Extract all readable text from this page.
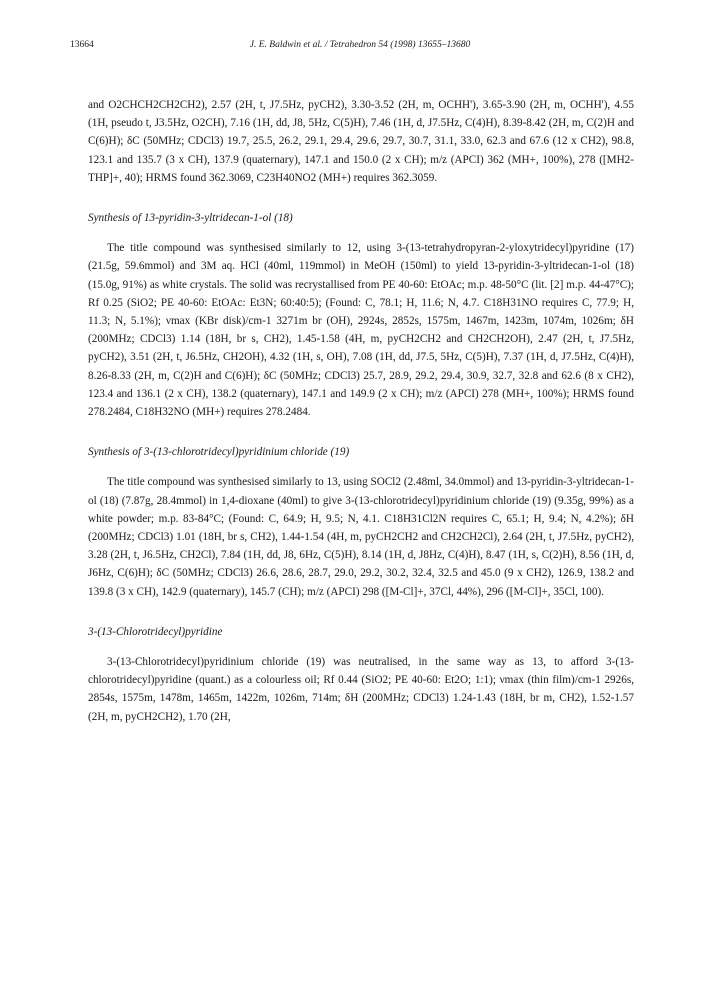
13664	J. E. Baldwin et al. / Tetrahedron 54 (1998) 13655–13680

and O2CHCH2CH2CH2), 2.57 (2H, t, J7.5Hz, pyCH2), 3.30-3.52 (2H, m, OCHH'), 3.65-3.90 (2H, m, OCHH'), 4.55 (1H, pseudo t, J3.5Hz, O2CH), 7.16 (1H, dd, J8, 5Hz, C(5)H), 7.46 (1H, d, J7.5Hz, C(4)H), 8.39-8.42 (2H, m, C(2)H and C(6)H); δC (50MHz; CDCl3) 19.7, 25.5, 26.2, 29.1, 29.4, 29.6, 29.7, 30.7, 31.1, 33.0, 62.3 and 67.6 (12 x CH2), 98.8, 123.1 and 135.7 (3 x CH), 137.9 (quaternary), 147.1 and 150.0 (2 x CH); m/z (APCI) 362 (MH+, 100%), 278 ([MH2-THP]+, 40); HRMS found 362.3069, C23H40NO2 (MH+) requires 362.3059.

Synthesis of 13-pyridin-3-yltridecan-1-ol (18)

The title compound was synthesised similarly to 12, using 3-(13-tetrahydropyran-2-yloxytridecyl)pyridine (17) (21.5g, 59.6mmol) and 3M aq. HCl (40ml, 119mmol) in MeOH (150ml) to yield 13-pyridin-3-yltridecan-1-ol (18) (15.0g, 91%) as white crystals. The solid was recrystallised from PE 40-60: EtOAc; m.p. 48-50°C (lit. [2] m.p. 44-47°C); Rf 0.25 (SiO2; PE 40-60: EtOAc: Et3N; 60:40:5); (Found: C, 78.1; H, 11.6; N, 4.7. C18H31NO requires C, 77.9; H, 11.3; N, 5.1%); νmax (KBr disk)/cm-1 3271m br (OH), 2924s, 2852s, 1575m, 1467m, 1423m, 1074m, 1026m; δH (200MHz; CDCl3) 1.14 (18H, br s, CH2), 1.45-1.58 (4H, m, pyCH2CH2 and CH2CH2OH), 2.47 (2H, t, J7.5Hz, pyCH2), 3.51 (2H, t, J6.5Hz, CH2OH), 4.32 (1H, s, OH), 7.08 (1H, dd, J7.5, 5Hz, C(5)H), 7.37 (1H, d, J7.5Hz, C(4)H), 8.26-8.33 (2H, m, C(2)H and C(6)H); δC (50MHz; CDCl3) 25.7, 28.9, 29.2, 29.4, 30.9, 32.7, 32.8 and 62.6 (8 x CH2), 123.4 and 136.1 (2 x CH), 138.2 (quaternary), 147.1 and 149.9 (2 x CH); m/z (APCI) 278 (MH+, 100%); HRMS found 278.2484, C18H32NO (MH+) requires 278.2484.

Synthesis of 3-(13-chlorotridecyl)pyridinium chloride (19)

The title compound was synthesised similarly to 13, using SOCl2 (2.48ml, 34.0mmol) and 13-pyridin-3-yltridecan-1-ol (18) (7.87g, 28.4mmol) in 1,4-dioxane (40ml) to give 3-(13-chlorotridecyl)pyridinium chloride (19) (9.35g, 99%) as a white powder; m.p. 83-84°C; (Found: C, 64.9; H, 9.5; N, 4.1. C18H31Cl2N requires C, 65.1; H, 9.4; N, 4.2%); δH (200MHz; CDCl3) 1.01 (18H, br s, CH2), 1.44-1.54 (4H, m, pyCH2CH2 and CH2CH2Cl), 2.64 (2H, t, J7.5Hz, pyCH2), 3.28 (2H, t, J6.5Hz, CH2Cl), 7.84 (1H, dd, J8, 6Hz, C(5)H), 8.14 (1H, d, J8Hz, C(4)H), 8.47 (1H, s, C(2)H), 8.56 (1H, d, J6Hz, C(6)H); δC (50MHz; CDCl3) 26.6, 28.6, 28.7, 29.0, 29.2, 30.2, 32.4, 32.5 and 45.0 (9 x CH2), 126.9, 138.2 and 139.8 (3 x CH), 142.9 (quaternary), 145.7 (CH); m/z (APCI) 298 ([M-Cl]+, 37Cl, 44%), 296 ([M-Cl]+, 35Cl, 100).

3-(13-Chlorotridecyl)pyridine

3-(13-Chlorotridecyl)pyridinium chloride (19) was neutralised, in the same way as 13, to afford 3-(13-chlorotridecyl)pyridine (quant.) as a colourless oil; Rf 0.44 (SiO2; PE 40-60: Et2O; 1:1); νmax (thin film)/cm-1 2926s, 2854s, 1575m, 1478m, 1465m, 1422m, 1026m, 714m; δH (200MHz; CDCl3) 1.24-1.43 (18H, br m, CH2), 1.52-1.57 (2H, m, pyCH2CH2), 1.70 (2H,
